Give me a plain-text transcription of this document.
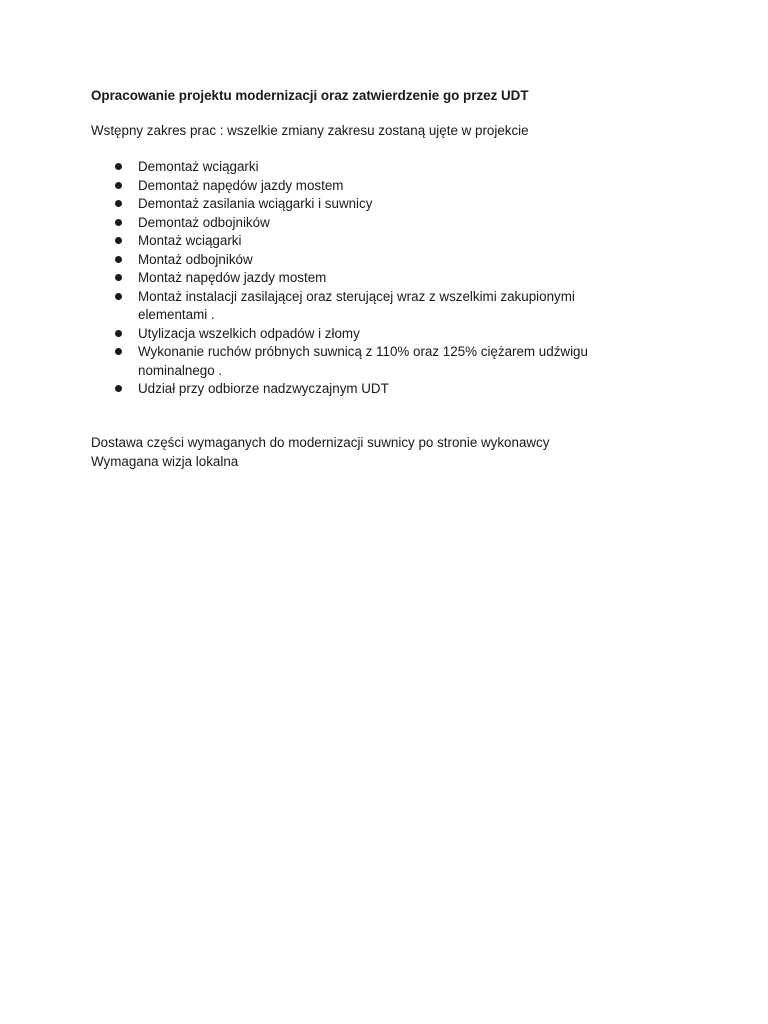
Opracowanie projektu modernizacji oraz zatwierdzenie go przez UDT
Wstępny zakres prac : wszelkie zmiany zakresu zostaną ujęte w projekcie
Demontaż wciągarki
Demontaż napędów jazdy mostem
Demontaż zasilania wciągarki i suwnicy
Demontaż odbojników
Montaż wciągarki
Montaż odbojników
Montaż napędów jazdy mostem
Montaż instalacji zasilającej oraz sterującej wraz z wszelkimi zakupionymi elementami .
Utylizacja wszelkich odpadów i złomy
Wykonanie ruchów próbnych suwnicą z 110% oraz 125% ciężarem udźwigu nominalnego .
Udział przy odbiorze nadzwyczajnym UDT
Dostawa części wymaganych do modernizacji suwnicy po stronie wykonawcy
Wymagana wizja lokalna
